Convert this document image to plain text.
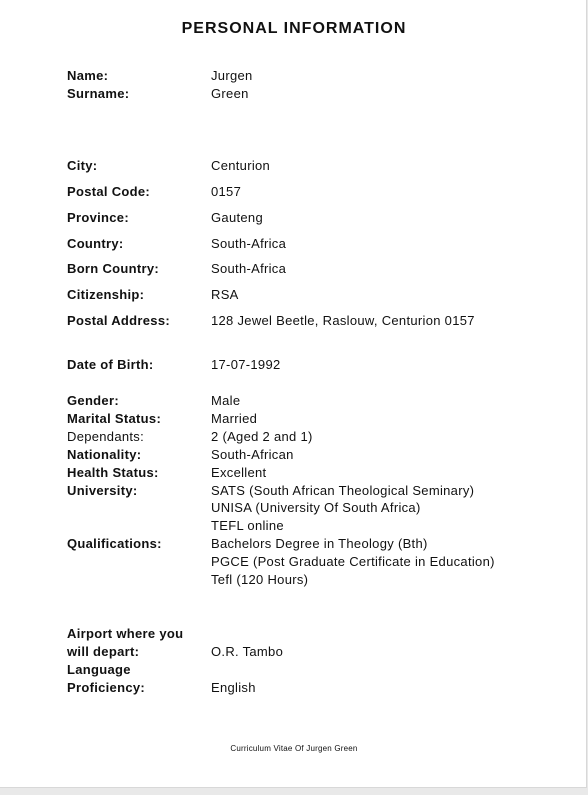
PERSONAL INFORMATION
Name:	Jurgen
Surname:	Green
City:	Centurion
Postal Code:	0157
Province:	Gauteng
Country:	South-Africa
Born Country:	South-Africa
Citizenship:	RSA
Postal Address:	128 Jewel Beetle, Raslouw, Centurion 0157
Date of Birth:	17-07-1992
Gender:	Male
Marital Status:	Married
Dependants:	2 (Aged 2 and 1)
Nationality:	South-African
Health Status:	Excellent
University:	SATS (South African Theological Seminary)
UNISA (University Of South Africa)
TEFL online
Qualifications:	Bachelors Degree in Theology (Bth)
PGCE (Post Graduate Certificate in Education)
Tefl (120 Hours)
Airport where you
will depart:	O.R. Tambo
Language
Proficiency:	English
Curriculum Vitae Of Jurgen Green
